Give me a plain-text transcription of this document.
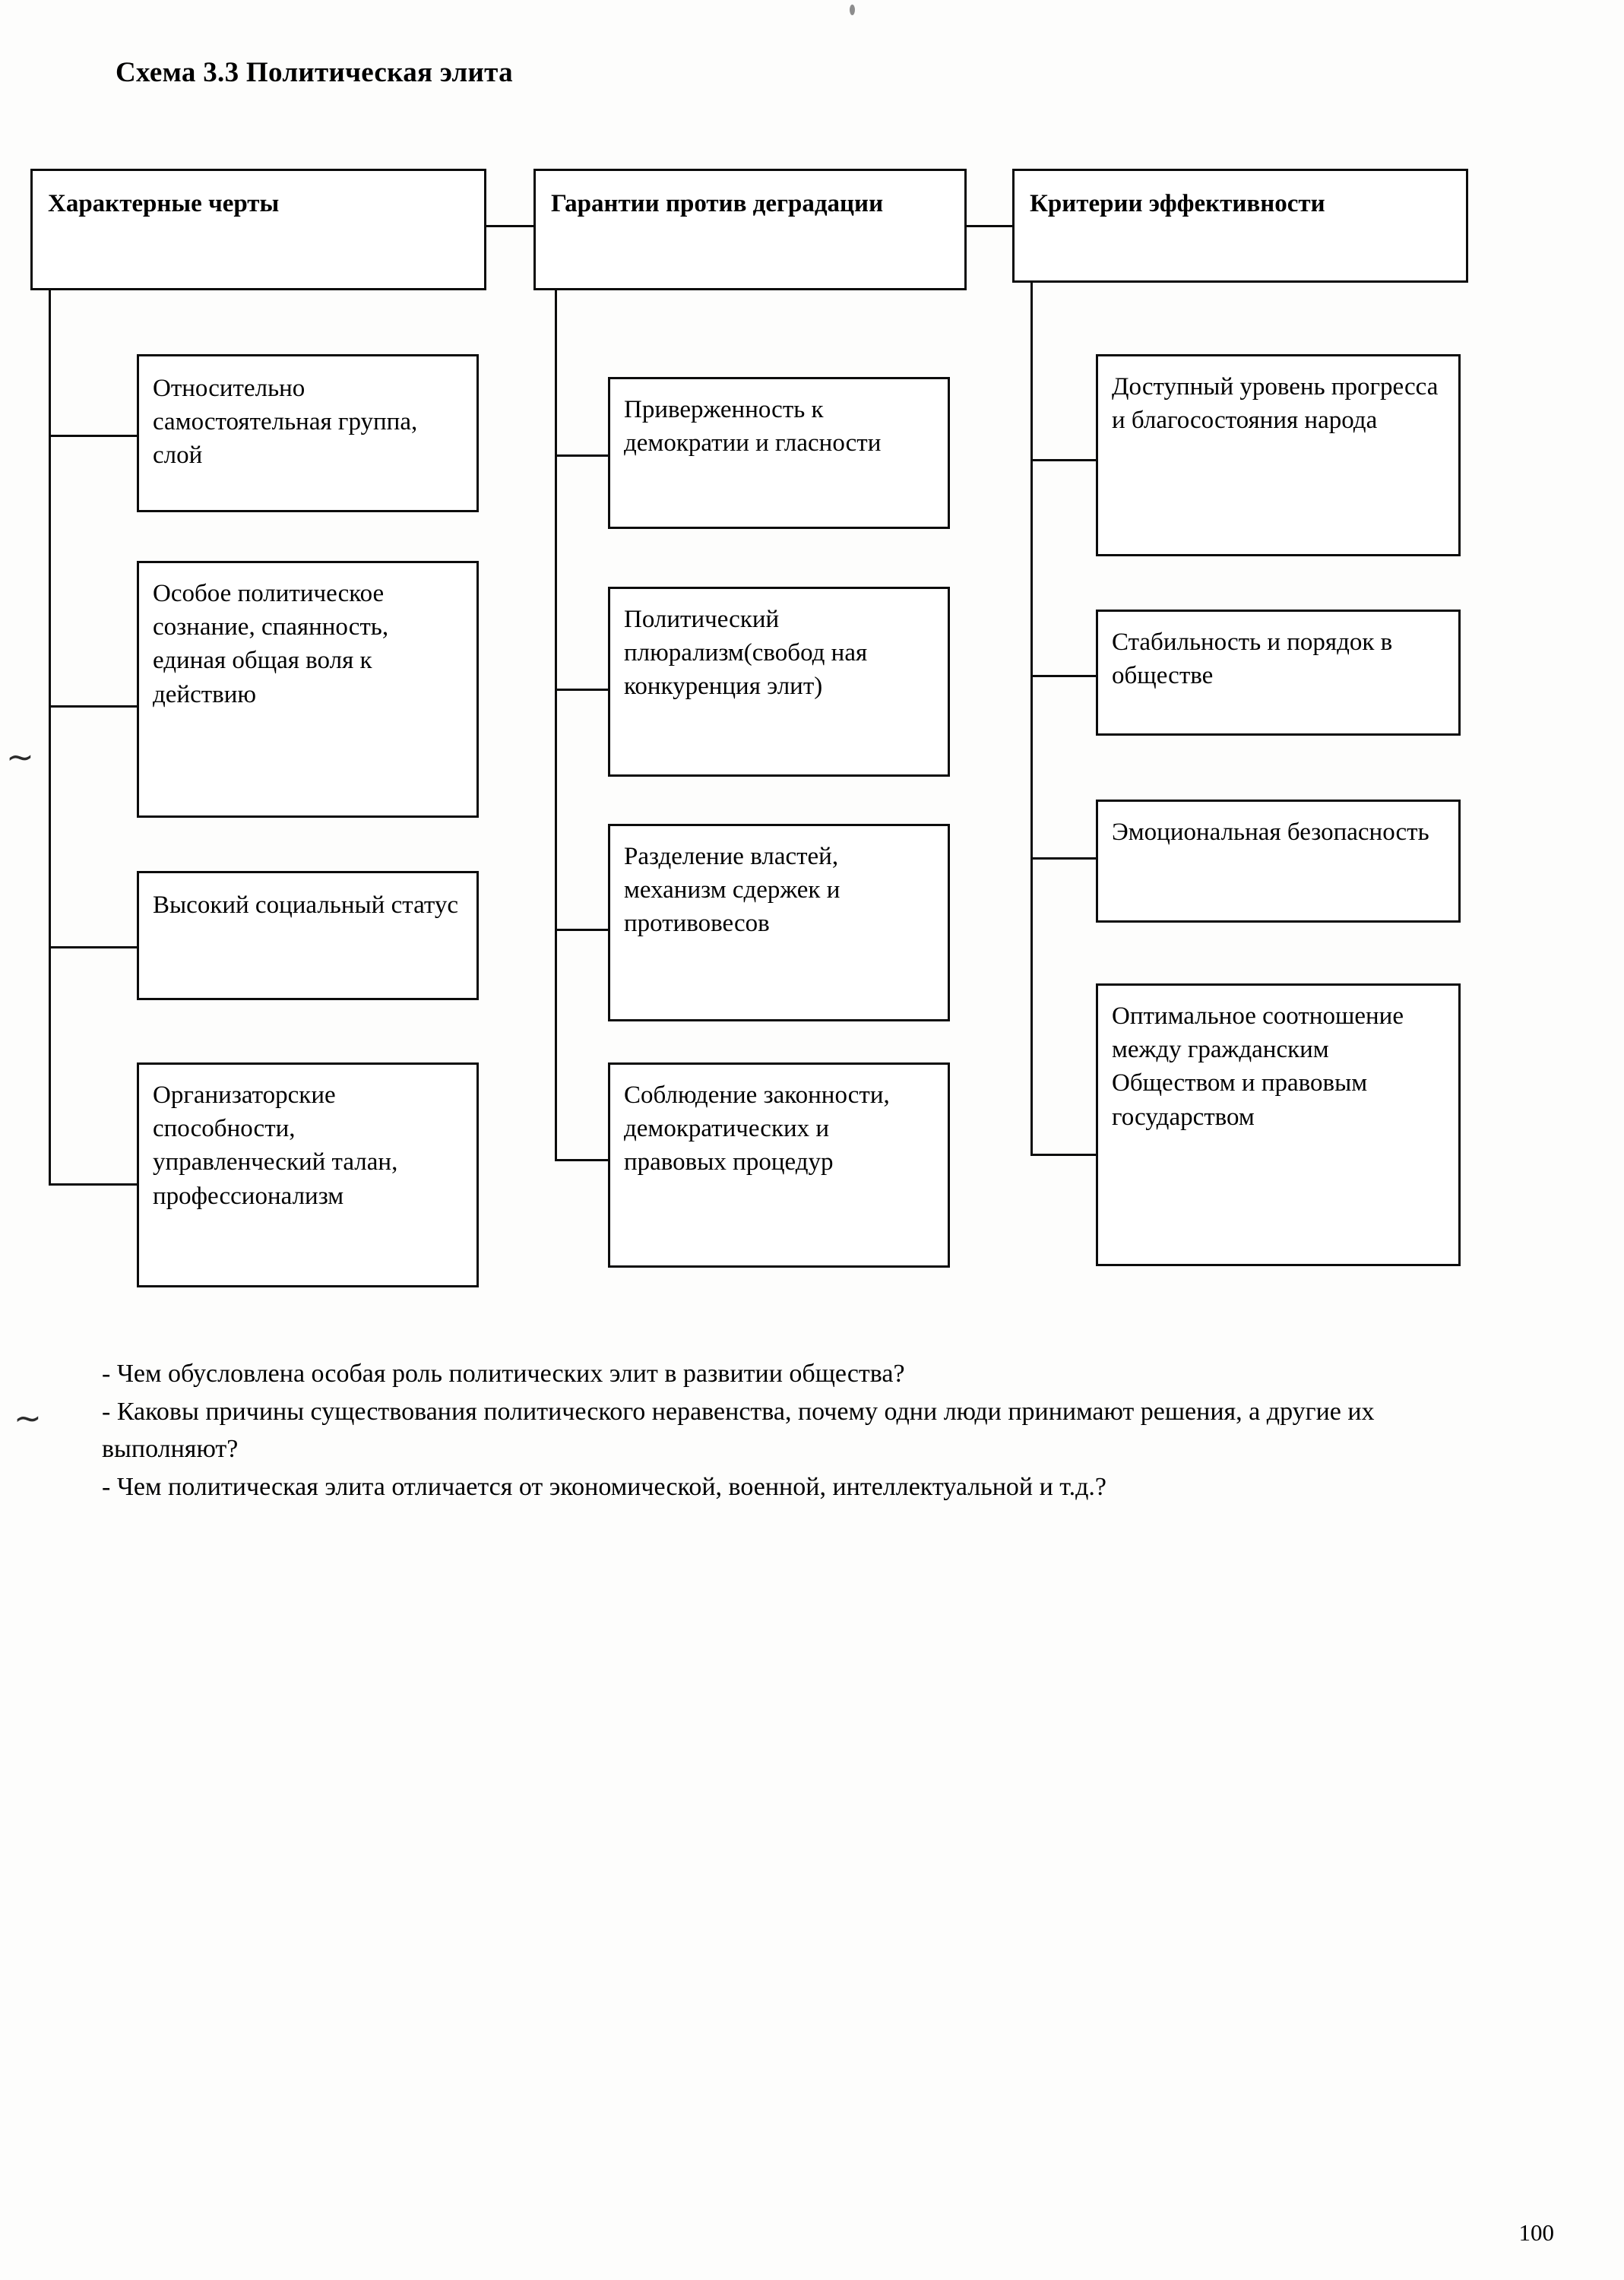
∼
∼
Схема 3.3 Политическая элита
Характерные черты	Гарантии против деградации	Критерии эффективности
Относительно самостоятельная группа, слой
Особое политическое сознание, спаянность, единая общая воля к действию
Высокий социальный статус
Организаторские способности, управленческий талан, профессионализм
Приверженность к демократии и гласности
Политический плюрализм(свобод ная конкуренция элит)
Разделение властей, механизм сдержек и противовесов
Соблюдение законности, демократических и правовых процедур
Доступный уровень прогресса и благосостояния народа
Стабильность и порядок в обществе
Эмоциональная безопасность
Оптимальное соотношение между гражданским Обществом и правовым государством

- Чем обусловлена особая роль политических элит в развитии общества?

- Каковы причины существования политического неравенства, почему одни люди принимают решения, а другие их выполняют?

- Чем политическая элита отличается от экономической, военной, интеллектуальной и т.д.?

100
